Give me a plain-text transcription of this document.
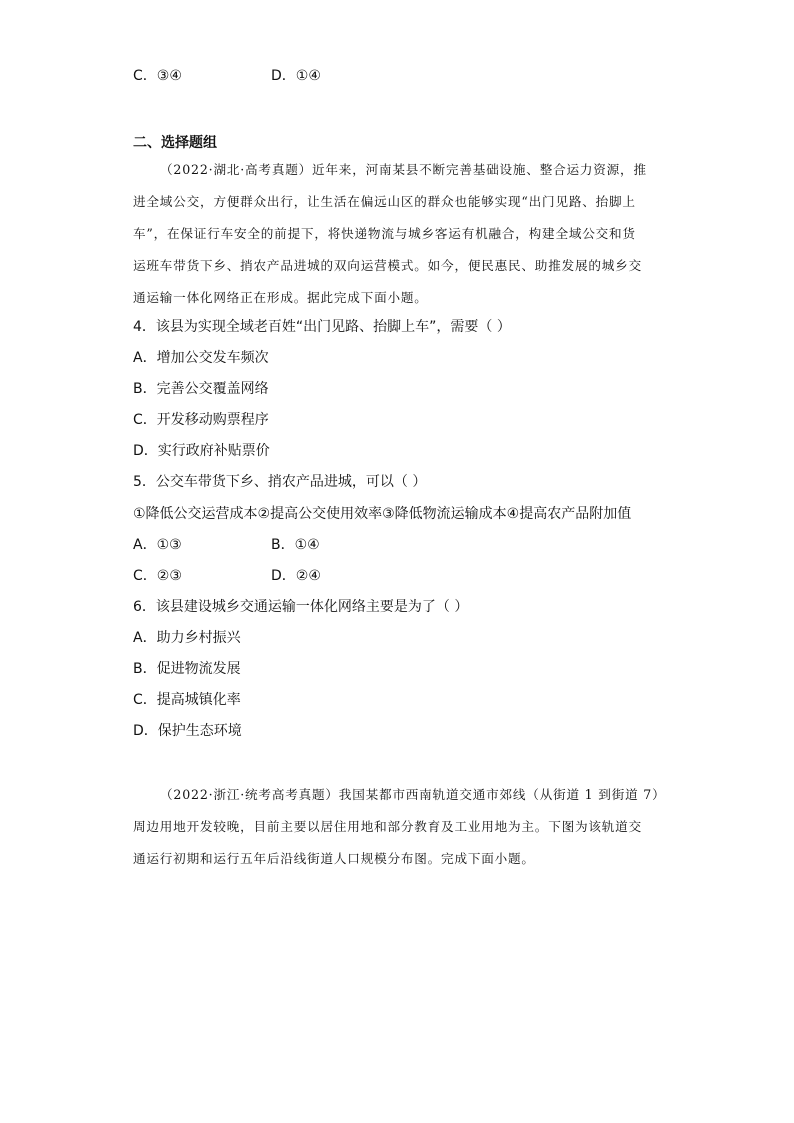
C．③④	D．①④
二、选择题组
（2022·湖北·高考真题）近年来，河南某县不断完善基础设施、整合运力资源，推
进全域公交，方便群众出行，让生活在偏远山区的群众也能够实现“出门见路、抬脚上
车”，在保证行车安全的前提下，将快递物流与城乡客运有机融合，构建全域公交和货
运班车带货下乡、捎农产品进城的双向运营模式。如今，便民惠民、助推发展的城乡交
通运输一体化网络正在形成。据此完成下面小题。
4．该县为实现全域老百姓“出门见路、抬脚上车”，需要（ ）
A．增加公交发车频次
B．完善公交覆盖网络
C．开发移动购票程序
D．实行政府补贴票价
5．公交车带货下乡、捎农产品进城，可以（ ）
①降低公交运营成本②提高公交使用效率③降低物流运输成本④提高农产品附加值
A．①③	B．①④
C．②③	D．②④
6．该县建设城乡交通运输一体化网络主要是为了（ ）
A．助力乡村振兴
B．促进物流发展
C．提高城镇化率
D．保护生态环境
（2022·浙江·统考高考真题）我国某都市西南轨道交通市郊线（从街道 1 到街道 7）
周边用地开发较晚，目前主要以居住用地和部分教育及工业用地为主。下图为该轨道交
通运行初期和运行五年后沿线街道人口规模分布图。完成下面小题。
